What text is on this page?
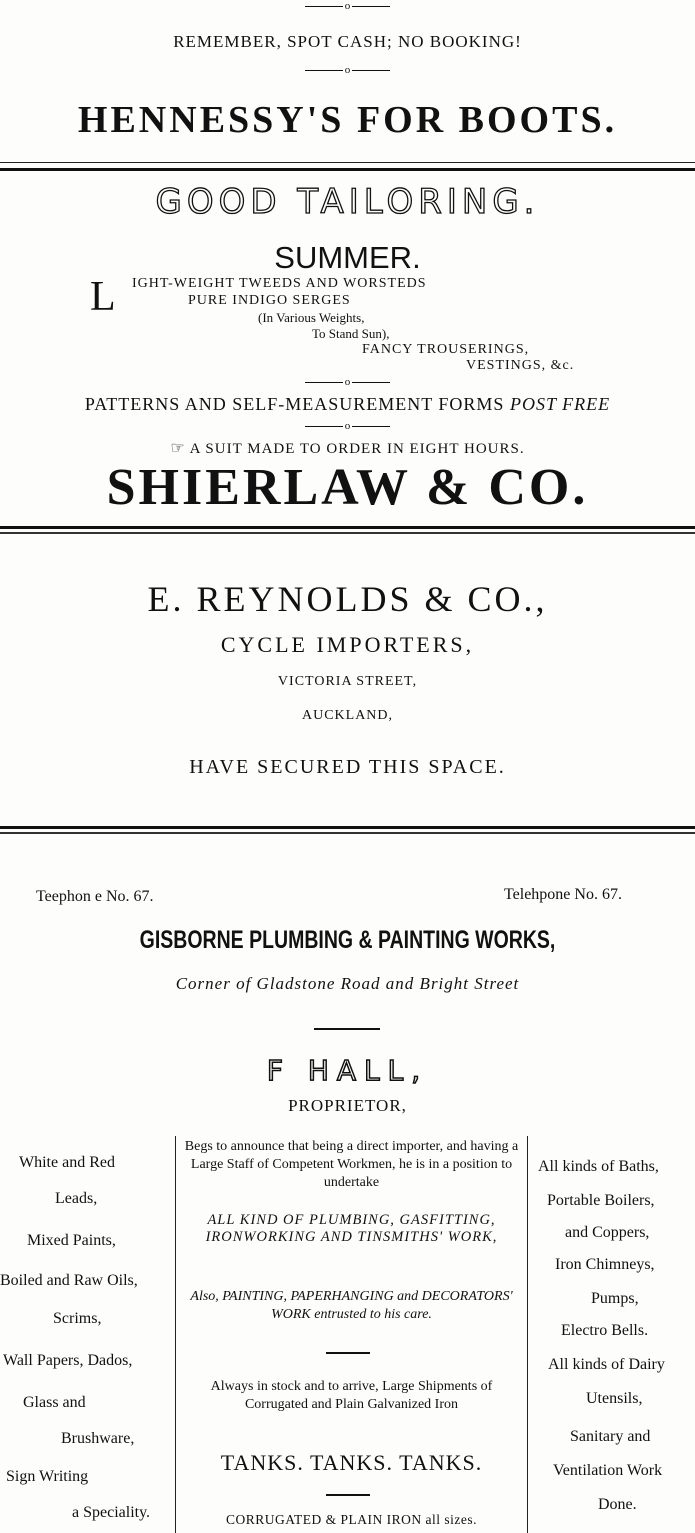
o
REMEMBER, SPOT CASH; NO BOOKING!
o
HENNESSY'S FOR BOOTS.
GOOD TAILORING.
SUMMER.
L IGHT-WEIGHT TWEEDS AND WORSTEDS
PURE INDIGO SERGES
(In Various Weights,
To Stand Sun),
FANCY TROUSERINGS,
VESTINGS, &c.
o
PATTERNS AND SELF-MEASUREMENT FORMS POST FREE
o
☞ A SUIT MADE TO ORDER IN EIGHT HOURS.
SHIERLAW & CO.
E. REYNOLDS & CO.,
CYCLE IMPORTERS,
VICTORIA STREET,
AUCKLAND,
HAVE SECURED THIS SPACE.
Teephon e No. 67.	Telehpone No. 67.
GISBORNE PLUMBING & PAINTING WORKS,
Corner of Gladstone Road and Bright Street
F HALL,
PROPRIETOR,
White and Red
Leads,
Mixed Paints,
Boiled and Raw Oils,
Scrims,
Wall Papers, Dados,
Glass and
Brushware,
Sign Writing
a Speciality.
Begs to announce that being a direct importer, and having a Large Staff of Competent Workmen, he is in a position to undertake
ALL KIND OF PLUMBING, GASFITTING, IRONWORKING AND TINSMITHS' WORK,
Also, PAINTING, PAPERHANGING and DECORATORS' WORK entrusted to his care.
Always in stock and to arrive, Large Shipments of Corrugated and Plain Galvanized Iron
TANKS. TANKS. TANKS.
CORRUGATED & PLAIN IRON all sizes.
All kinds of Baths,
Portable Boilers,
and Coppers,
Iron Chimneys,
Pumps,
Electro Bells.
All kinds of Dairy
Utensils,
Sanitary and
Ventilation Work
Done.
